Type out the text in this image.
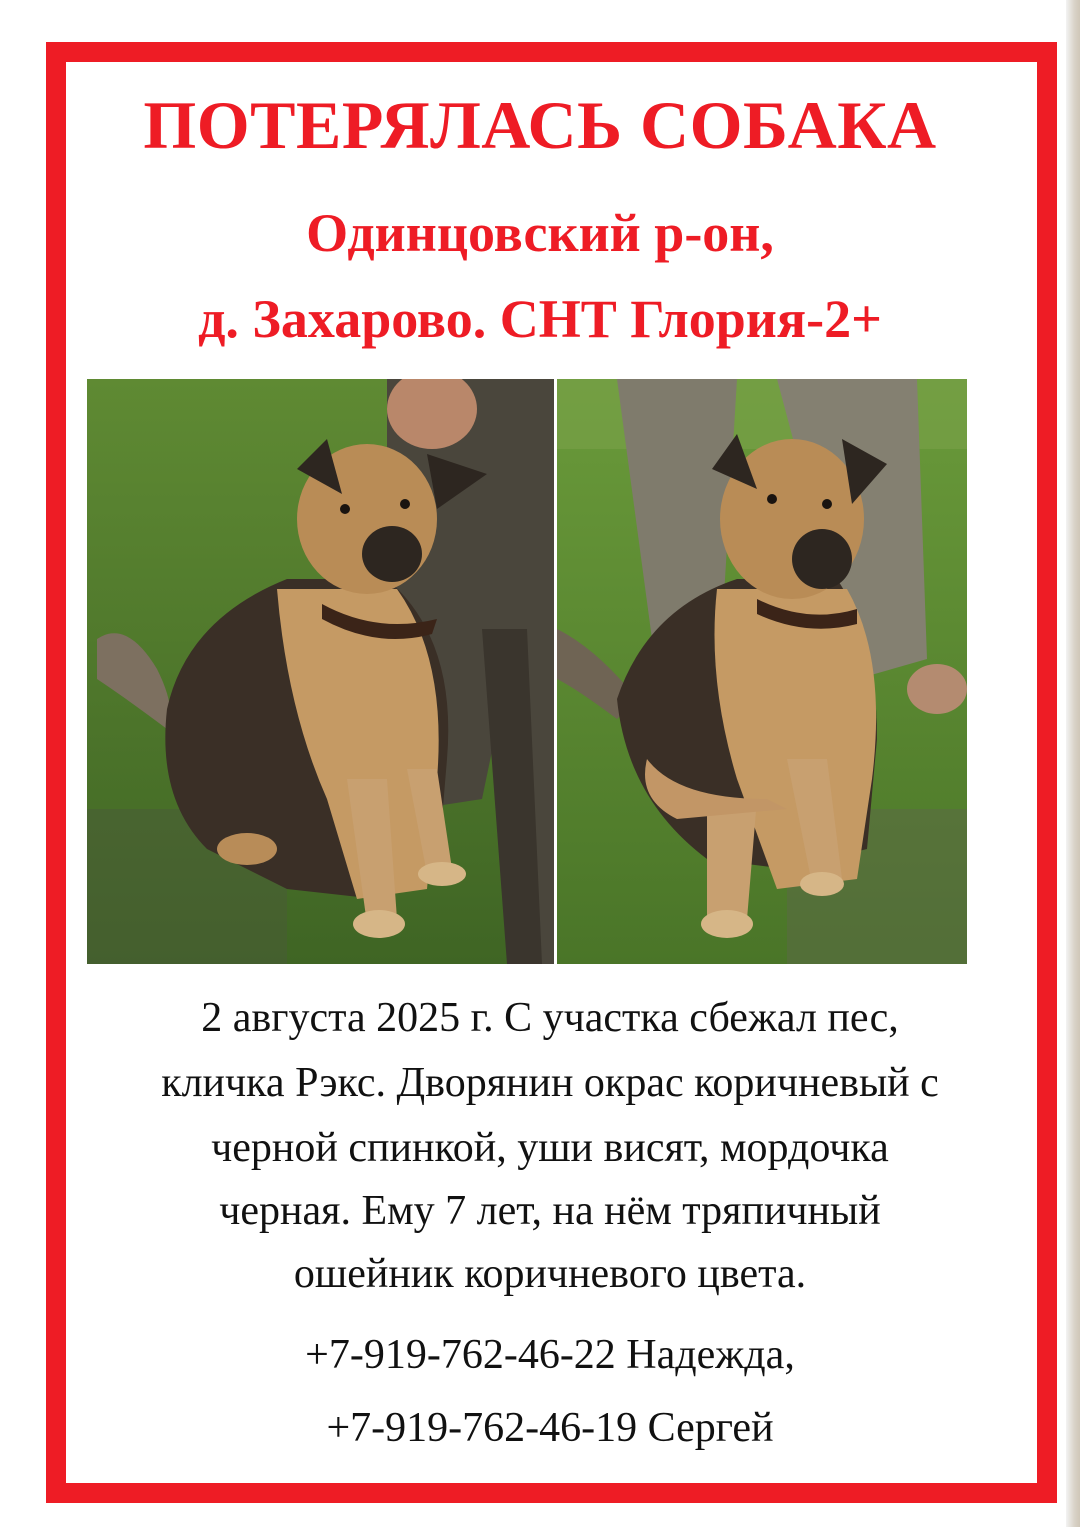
ПОТЕРЯЛАСЬ СОБАКА
Одинцовский р-он,
д. Захарово. СНТ Глория-2+
2 августа 2025 г. С участка сбежал пес,
кличка Рэкс. Дворянин окрас коричневый с
черной спинкой, уши висят, мордочка
черная. Ему 7 лет, на нём тряпичный
ошейник коричневого цвета.
+7-919-762-46-22 Надежда,
+7-919-762-46-19 Сергей
